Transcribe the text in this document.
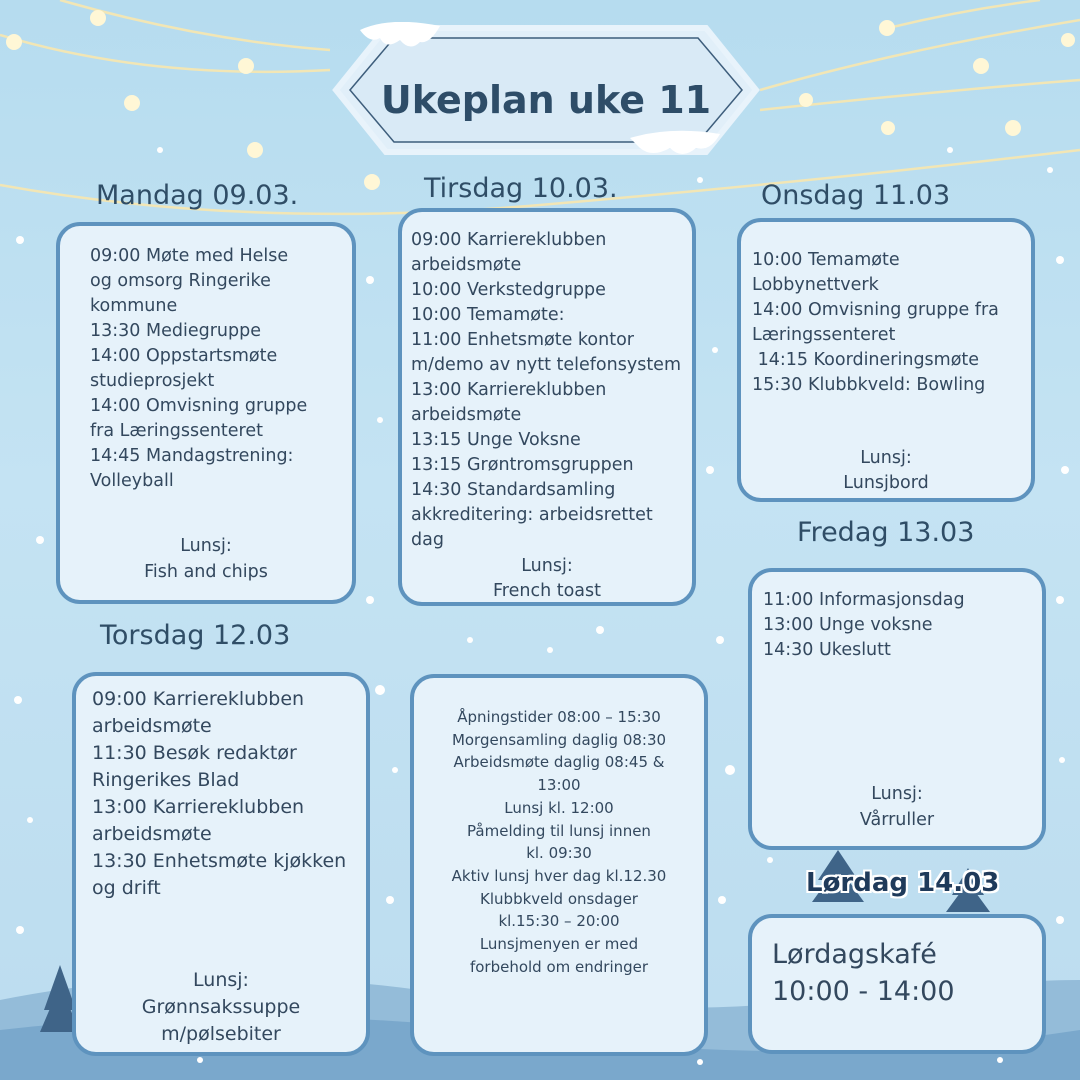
Ukeplan uke 11
Mandag 09.03.
09:00 Møte med Helse
og omsorg Ringerike
kommune
13:30 Mediegruppe
14:00 Oppstartsmøte
studieprosjekt
14:00 Omvisning gruppe
fra Læringssenteret
14:45 Mandagstrening:
Volleyball
Lunsj:
Fish and chips
Tirsdag 10.03.
09:00 Karriereklubben
arbeidsmøte
10:00 Verkstedgruppe
10:00 Temamøte:
11:00 Enhetsmøte kontor
m/demo av nytt telefonsystem
13:00 Karriereklubben
arbeidsmøte
13:15 Unge Voksne
13:15 Grøntromsgruppen
14:30 Standardsamling
akkreditering: arbeidsrettet
dag
Lunsj:
French toast
Onsdag 11.03
10:00 Temamøte
Lobbynettverk
14:00 Omvisning gruppe fra
Læringssenteret
14:15 Koordineringsmøte
15:30 Klubbkveld: Bowling
Lunsj:
Lunsjbord
Fredag 13.03
11:00 Informasjonsdag
13:00 Unge voksne
14:30 Ukeslutt
Lunsj:
Vårruller
Torsdag 12.03
09:00 Karriereklubben
arbeidsmøte
11:30 Besøk redaktør
Ringerikes Blad
13:00 Karriereklubben
arbeidsmøte
13:30 Enhetsmøte kjøkken
og drift
Lunsj:
Grønnsakssuppe
m/pølsebiter
Åpningstider 08:00 – 15:30
Morgensamling daglig 08:30
Arbeidsmøte daglig 08:45 &
13:00
Lunsj kl. 12:00
Påmelding til lunsj innen
kl. 09:30
Aktiv lunsj hver dag kl.12.30
Klubbkveld onsdager
kl.15:30 – 20:00
Lunsjmenyen er med
forbehold om endringer
Lørdag 14.03
Lørdagskafé
10:00 - 14:00
